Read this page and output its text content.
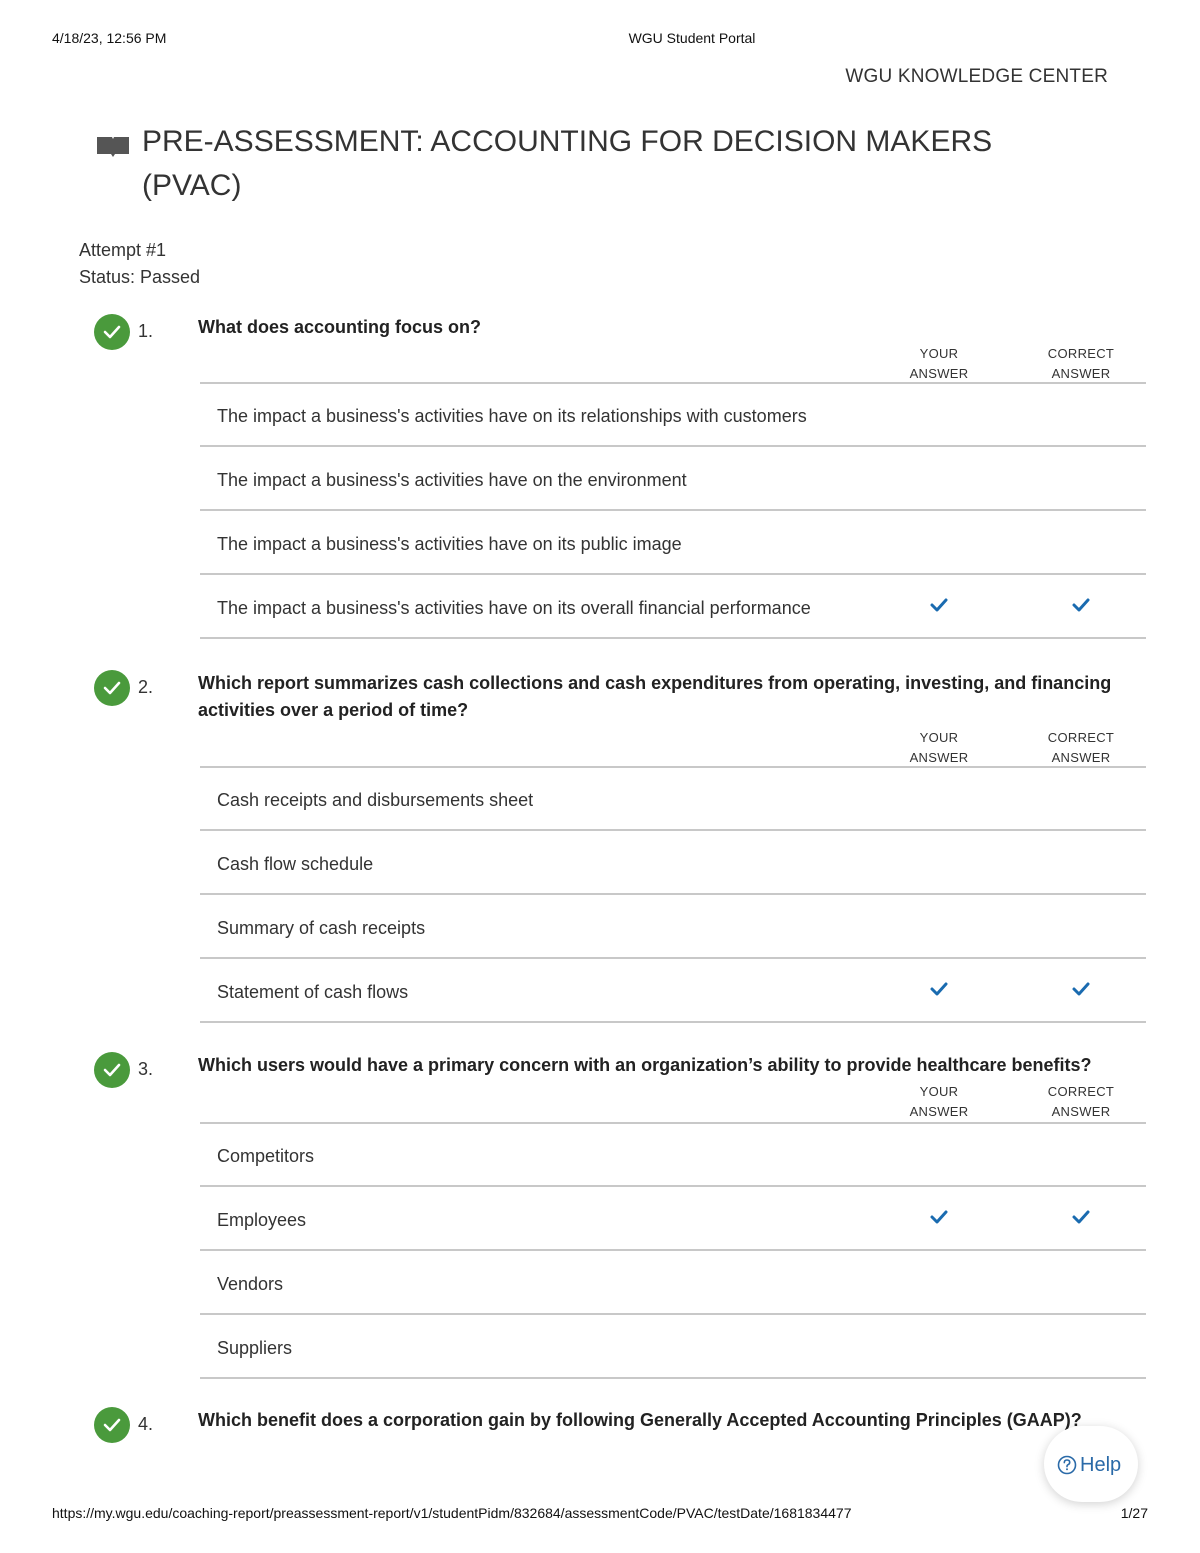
4/18/23, 12:56 PM	WGU Student Portal
WGU KNOWLEDGE CENTER
PRE-ASSESSMENT: ACCOUNTING FOR DECISION MAKERS (PVAC)
Attempt #1
Status: Passed
1. What does accounting focus on?
YOUR
ANSWER
CORRECT
ANSWER
The impact a business's activities have on its relationships with customers
The impact a business's activities have on the environment
The impact a business's activities have on its public image
The impact a business's activities have on its overall financial performance
2. Which report summarizes cash collections and cash expenditures from operating, investing, and financing activities over a period of time?
YOUR
ANSWER
CORRECT
ANSWER
Cash receipts and disbursements sheet
Cash flow schedule
Summary of cash receipts
Statement of cash flows
3. Which users would have a primary concern with an organization’s ability to provide healthcare benefits?
YOUR
ANSWER
CORRECT
ANSWER
Competitors
Employees
Vendors
Suppliers
4. Which benefit does a corporation gain by following Generally Accepted Accounting Principles (GAAP)?
Help
https://my.wgu.edu/coaching-report/preassessment-report/v1/studentPidm/832684/assessmentCode/PVAC/testDate/1681834477	1/27
